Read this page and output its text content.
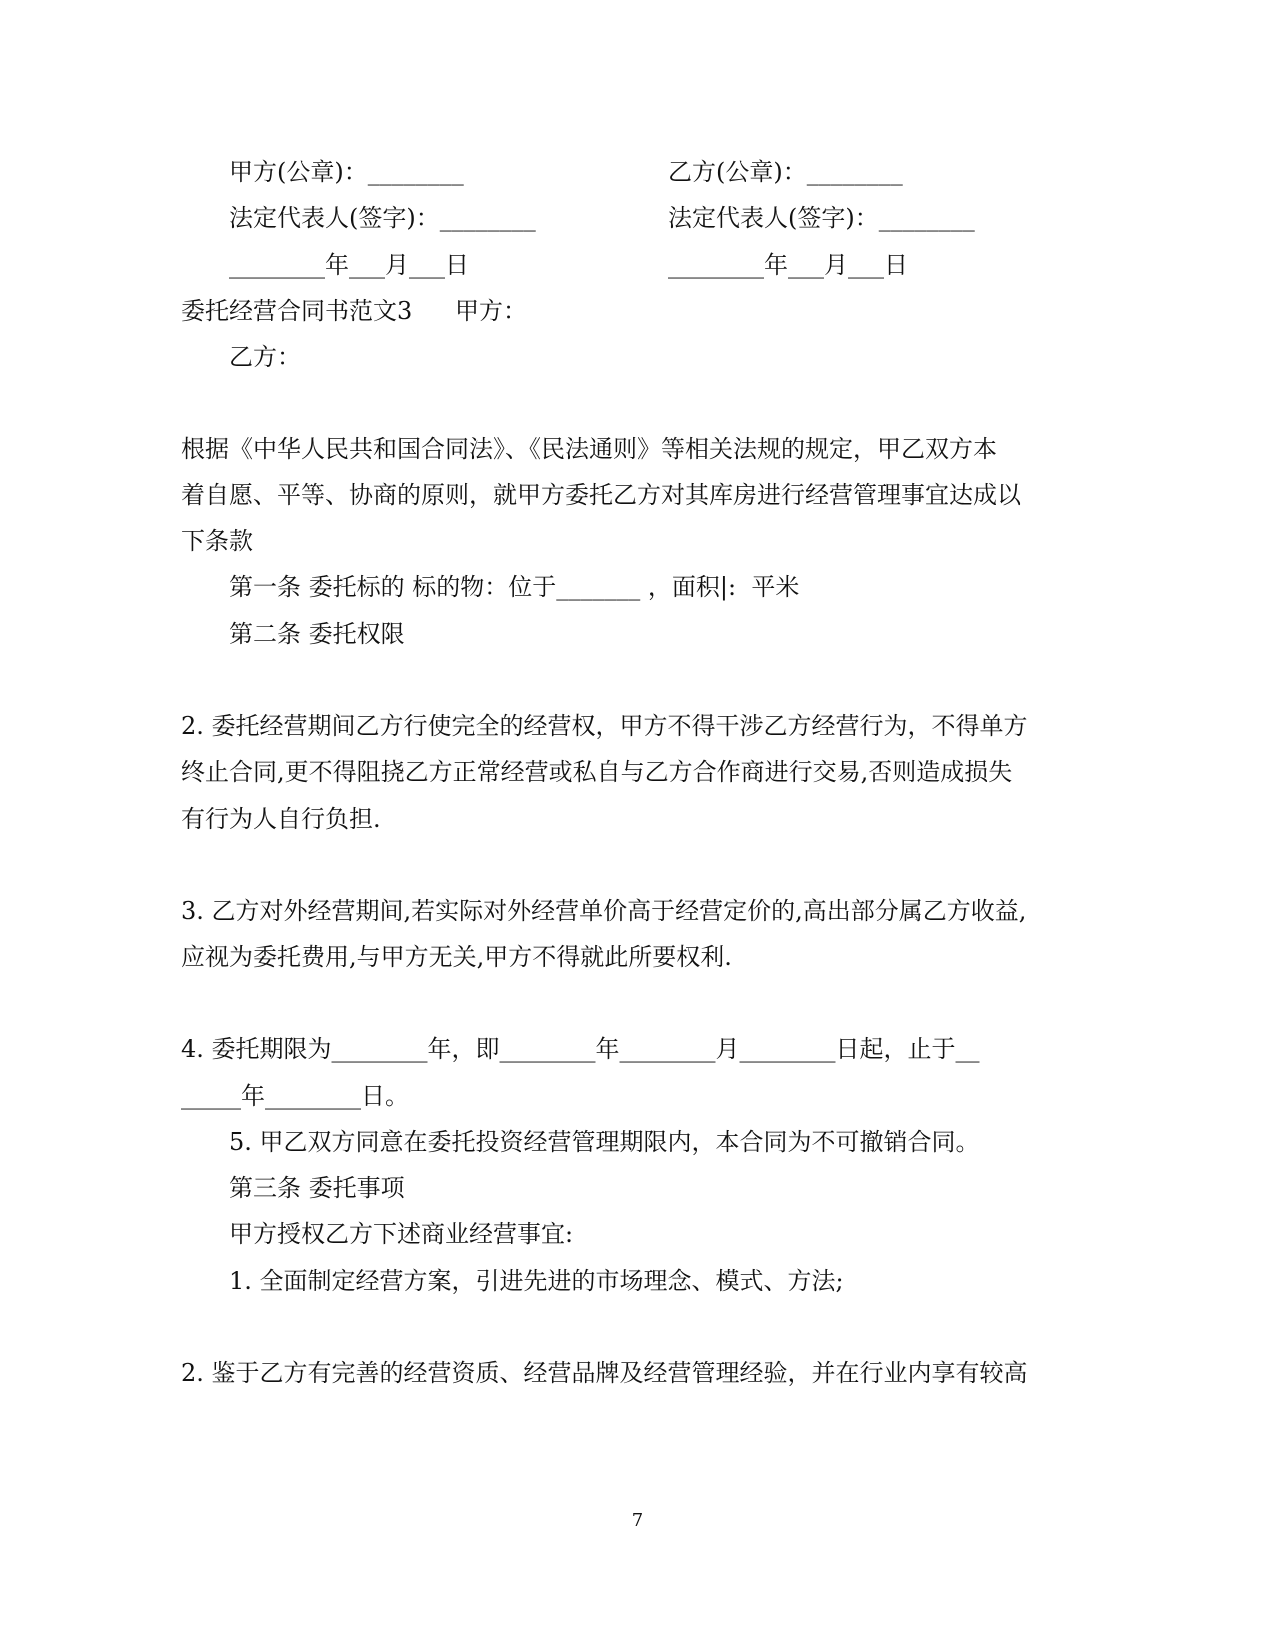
甲方(公章)：________	乙方(公章)：________
法定代表人(签字)：________	法定代表人(签字)：________
________年___月___日	________年___月___日
委托经营合同书范文3 甲方：
乙方：
根据《中华人民共和国合同法》、《民法通则》等相关法规的规定，甲乙双方本
着自愿、平等、协商的原则，就甲方委托乙方对其库房进行经营管理事宜达成以
下条款
第一条 委托标的 标的物：位于_______ ，面积|:  平米
第二条 委托权限
2. 委托经营期间乙方行使完全的经营权，甲方不得干涉乙方经营行为，不得单方
终止合同,更不得阻挠乙方正常经营或私自与乙方合作商进行交易,否则造成损失
有行为人自行负担.
3. 乙方对外经营期间,若实际对外经营单价高于经营定价的,高出部分属乙方收益,
应视为委托费用,与甲方无关,甲方不得就此所要权利.
4. 委托期限为________年，即________年________月________日起，止于__
_____年________日。
5. 甲乙双方同意在委托投资经营管理期限内，本合同为不可撤销合同。
第三条 委托事项
甲方授权乙方下述商业经营事宜:
1. 全面制定经营方案，引进先进的市场理念、模式、方法;
2. 鉴于乙方有完善的经营资质、经营品牌及经营管理经验，并在行业内享有较高
7
